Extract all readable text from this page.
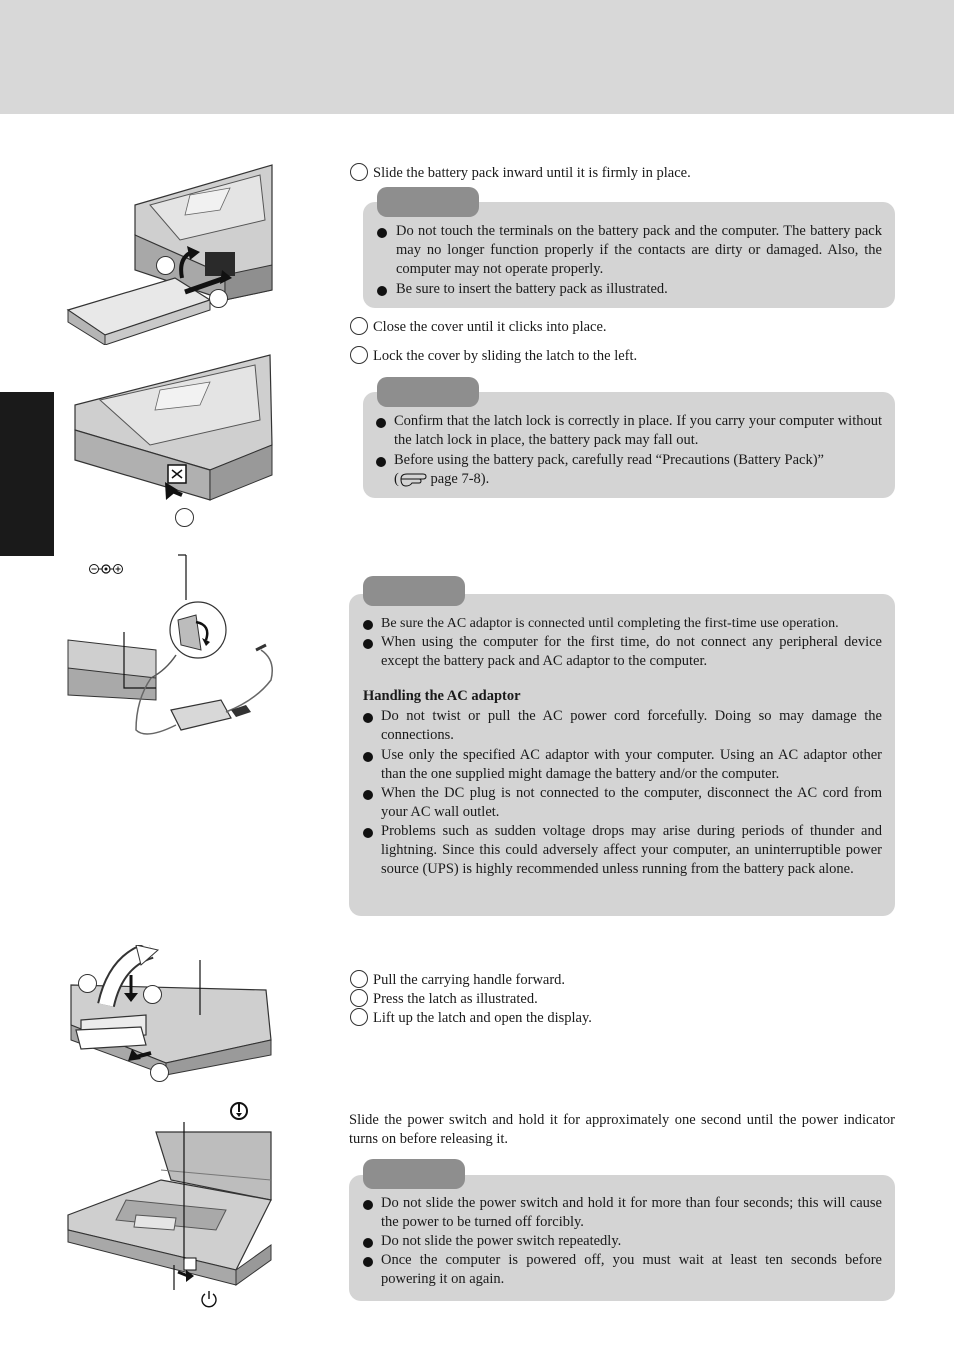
Slide the battery pack inward until it is firmly in place.
Do not touch the terminals on the battery pack and the computer. The battery pack may no longer function properly if the contacts are dirty or damaged. Also, the computer may not operate properly.
Be sure to insert the battery pack as illustrated.
Close the cover until it clicks into place.
Lock the cover by sliding the latch to the left.
Confirm that the latch lock is correctly in place. If you carry your computer without the latch lock in place, the battery pack may fall out.
Before using the battery pack, carefully read “Precautions (Battery Pack)”
( page 7-8).
Be sure the AC adaptor is connected until completing the first-time use operation.
When using the computer for the first time, do not connect any peripheral device except the battery pack and AC adaptor to the computer.
Handling the AC adaptor
Do not twist or pull the AC power cord forcefully. Doing so may damage the connections.
Use only the specified AC adaptor with your computer. Using an AC adaptor other than the one supplied might damage the battery and/or the computer.
When the DC plug is not connected to the computer, disconnect the AC cord from your AC wall outlet.
Problems such as sudden voltage drops may arise during periods of thunder and lightning. Since this could adversely affect your computer, an uninterruptible power source (UPS) is highly recommended unless running from the battery pack alone.
Pull the carrying handle forward.
Press the latch as illustrated.
Lift up the latch and open the display.
Slide the power switch and hold it for approximately one second until the power indicator turns on before releasing it.
Do not slide the power switch and hold it for more than four seconds; this will cause the power to be turned off forcibly.
Do not slide the power switch repeatedly.
Once the computer is powered off, you must wait at least ten seconds before powering it on again.
